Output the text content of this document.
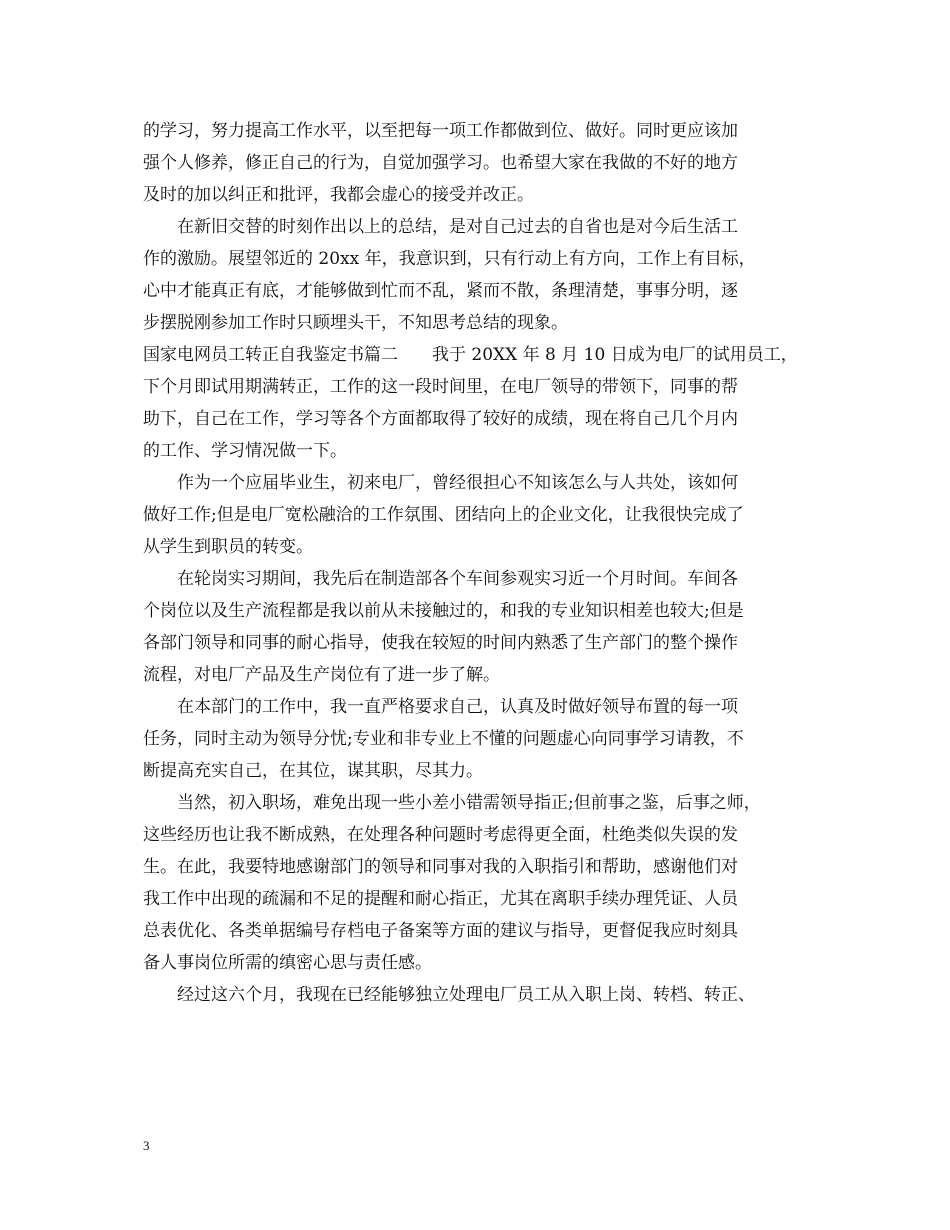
的学习，努力提高工作水平，以至把每一项工作都做到位、做好。同时更应该加
强个人修养，修正自己的行为，自觉加强学习。也希望大家在我做的不好的地方
及时的加以纠正和批评，我都会虚心的接受并改正。
　　在新旧交替的时刻作出以上的总结，是对自己过去的自省也是对今后生活工
作的激励。展望邻近的 20xx 年，我意识到，只有行动上有方向，工作上有目标，
心中才能真正有底，才能够做到忙而不乱，紧而不散，条理清楚，事事分明，逐
步摆脱刚参加工作时只顾埋头干，不知思考总结的现象。
国家电网员工转正自我鉴定书篇二　　我于 20XX 年 8 月 10 日成为电厂的试用员工，
下个月即试用期满转正，工作的这一段时间里，在电厂领导的带领下，同事的帮
助下，自己在工作，学习等各个方面都取得了较好的成绩，现在将自己几个月内
的工作、学习情况做一下。
　　作为一个应届毕业生，初来电厂，曾经很担心不知该怎么与人共处，该如何
做好工作;但是电厂宽松融洽的工作氛围、团结向上的企业文化，让我很快完成了
从学生到职员的转变。
　　在轮岗实习期间，我先后在制造部各个车间参观实习近一个月时间。车间各
个岗位以及生产流程都是我以前从未接触过的，和我的专业知识相差也较大;但是
各部门领导和同事的耐心指导，使我在较短的时间内熟悉了生产部门的整个操作
流程，对电厂产品及生产岗位有了进一步了解。
　　在本部门的工作中，我一直严格要求自己，认真及时做好领导布置的每一项
任务，同时主动为领导分忧;专业和非专业上不懂的问题虚心向同事学习请教，不
断提高充实自己，在其位，谋其职，尽其力。
　　当然，初入职场，难免出现一些小差小错需领导指正;但前事之鉴，后事之师，
这些经历也让我不断成熟，在处理各种问题时考虑得更全面，杜绝类似失误的发
生。在此，我要特地感谢部门的领导和同事对我的入职指引和帮助，感谢他们对
我工作中出现的疏漏和不足的提醒和耐心指正，尤其在离职手续办理凭证、人员
总表优化、各类单据编号存档电子备案等方面的建议与指导，更督促我应时刻具
备人事岗位所需的缜密心思与责任感。
　　经过这六个月，我现在已经能够独立处理电厂员工从入职上岗、转档、转正、
3
